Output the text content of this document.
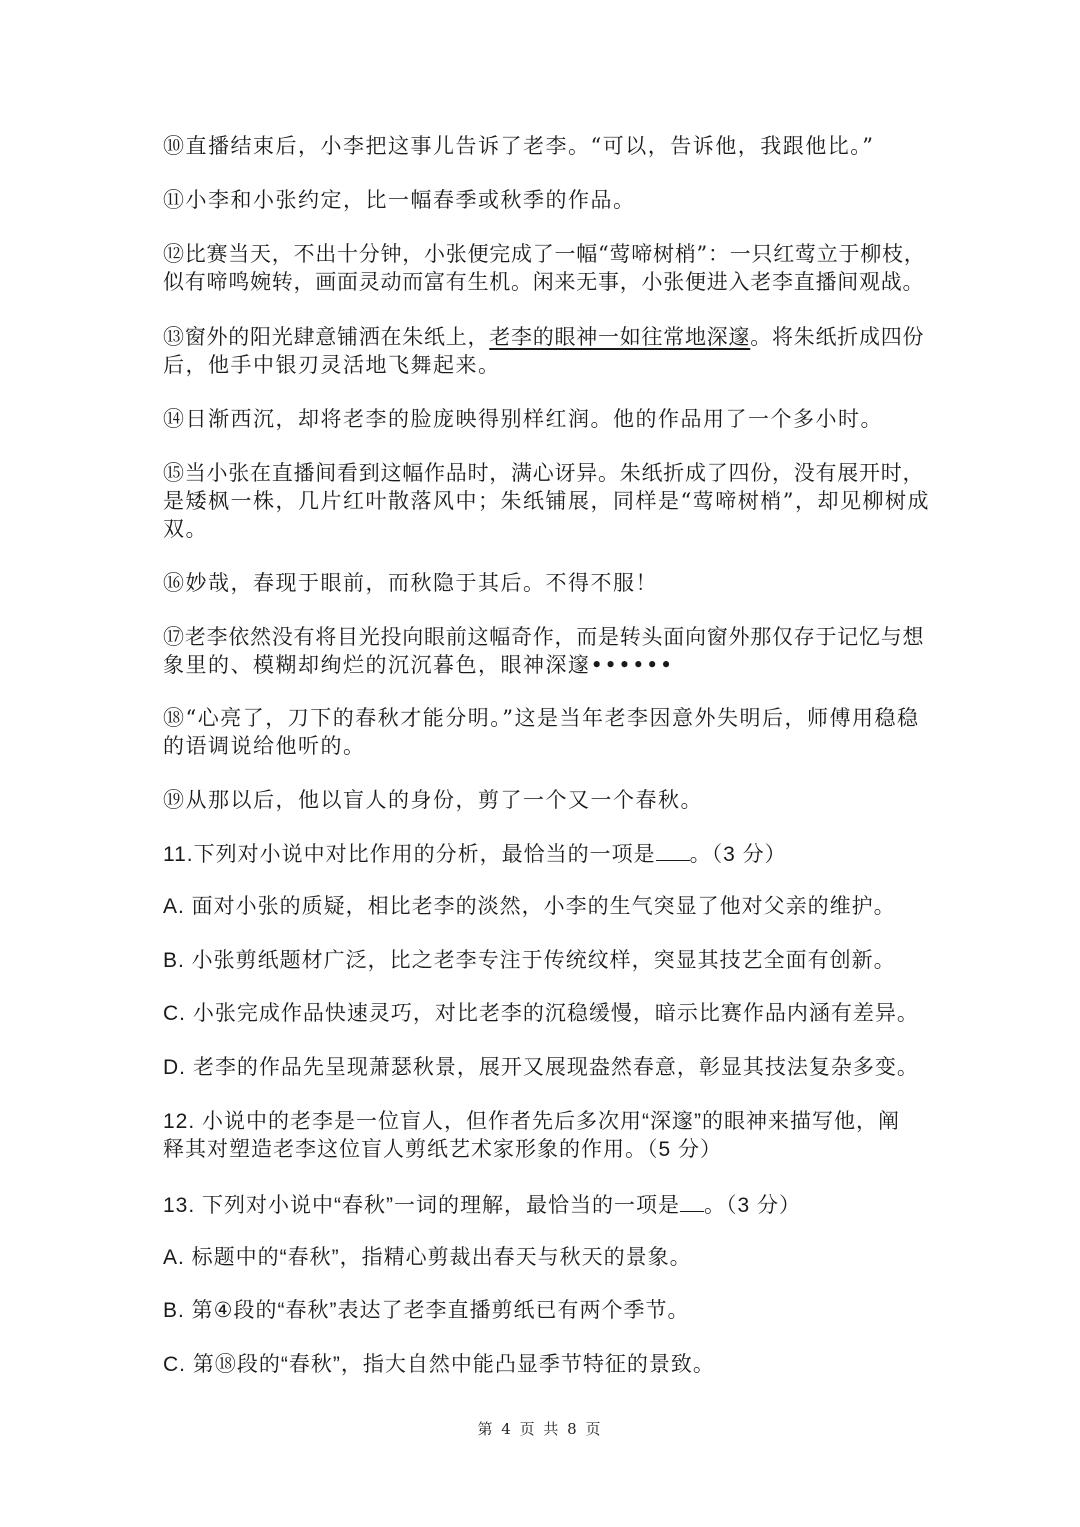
⑩直播结束后，小李把这事儿告诉了老李。“可以，告诉他，我跟他比。”
⑪小李和小张约定，比一幅春季或秋季的作品。
⑫比赛当天，不出十分钟，小张便完成了一幅“莺啼树梢”：一只红莺立于柳枝，
似有啼鸣婉转，画面灵动而富有生机。闲来无事，小张便进入老李直播间观战。
⑬窗外的阳光肆意铺洒在朱纸上，老李的眼神一如往常地深邃。将朱纸折成四份
后，他手中银刃灵活地飞舞起来。
⑭日渐西沉，却将老李的脸庞映得别样红润。他的作品用了一个多小时。
⑮当小张在直播间看到这幅作品时，满心讶异。朱纸折成了四份，没有展开时，
是矮枫一株，几片红叶散落风中；朱纸铺展，同样是“莺啼树梢”，却见柳树成
双。
⑯妙哉，春现于眼前，而秋隐于其后。不得不服！
⑰老李依然没有将目光投向眼前这幅奇作，而是转头面向窗外那仅存于记忆与想
象里的、模糊却绚烂的沉沉暮色，眼神深邃••••••
⑱“心亮了，刀下的春秋才能分明。”这是当年老李因意外失明后，师傅用稳稳
的语调说给他听的。
⑲从那以后，他以盲人的身份，剪了一个又一个春秋。
11.下列对小说中对比作用的分析，最恰当的一项是 。（3 分）
A. 面对小张的质疑，相比老李的淡然，小李的生气突显了他对父亲的维护。
B. 小张剪纸题材广泛，比之老李专注于传统纹样，突显其技艺全面有创新。
C. 小张完成作品快速灵巧，对比老李的沉稳缓慢，暗示比赛作品内涵有差异。
D. 老李的作品先呈现萧瑟秋景，展开又展现盎然春意，彰显其技法复杂多变。
12. 小说中的老李是一位盲人，但作者先后多次用“深邃”的眼神来描写他，阐
释其对塑造老李这位盲人剪纸艺术家形象的作用。（5 分）
13. 下列对小说中“春秋”一词的理解，最恰当的一项是 。（3 分）
A. 标题中的“春秋”，指精心剪裁出春天与秋天的景象。
B. 第④段的“春秋”表达了老李直播剪纸已有两个季节。
C. 第⑱段的“春秋”，指大自然中能凸显季节特征的景致。
第 4 页 共 8 页
